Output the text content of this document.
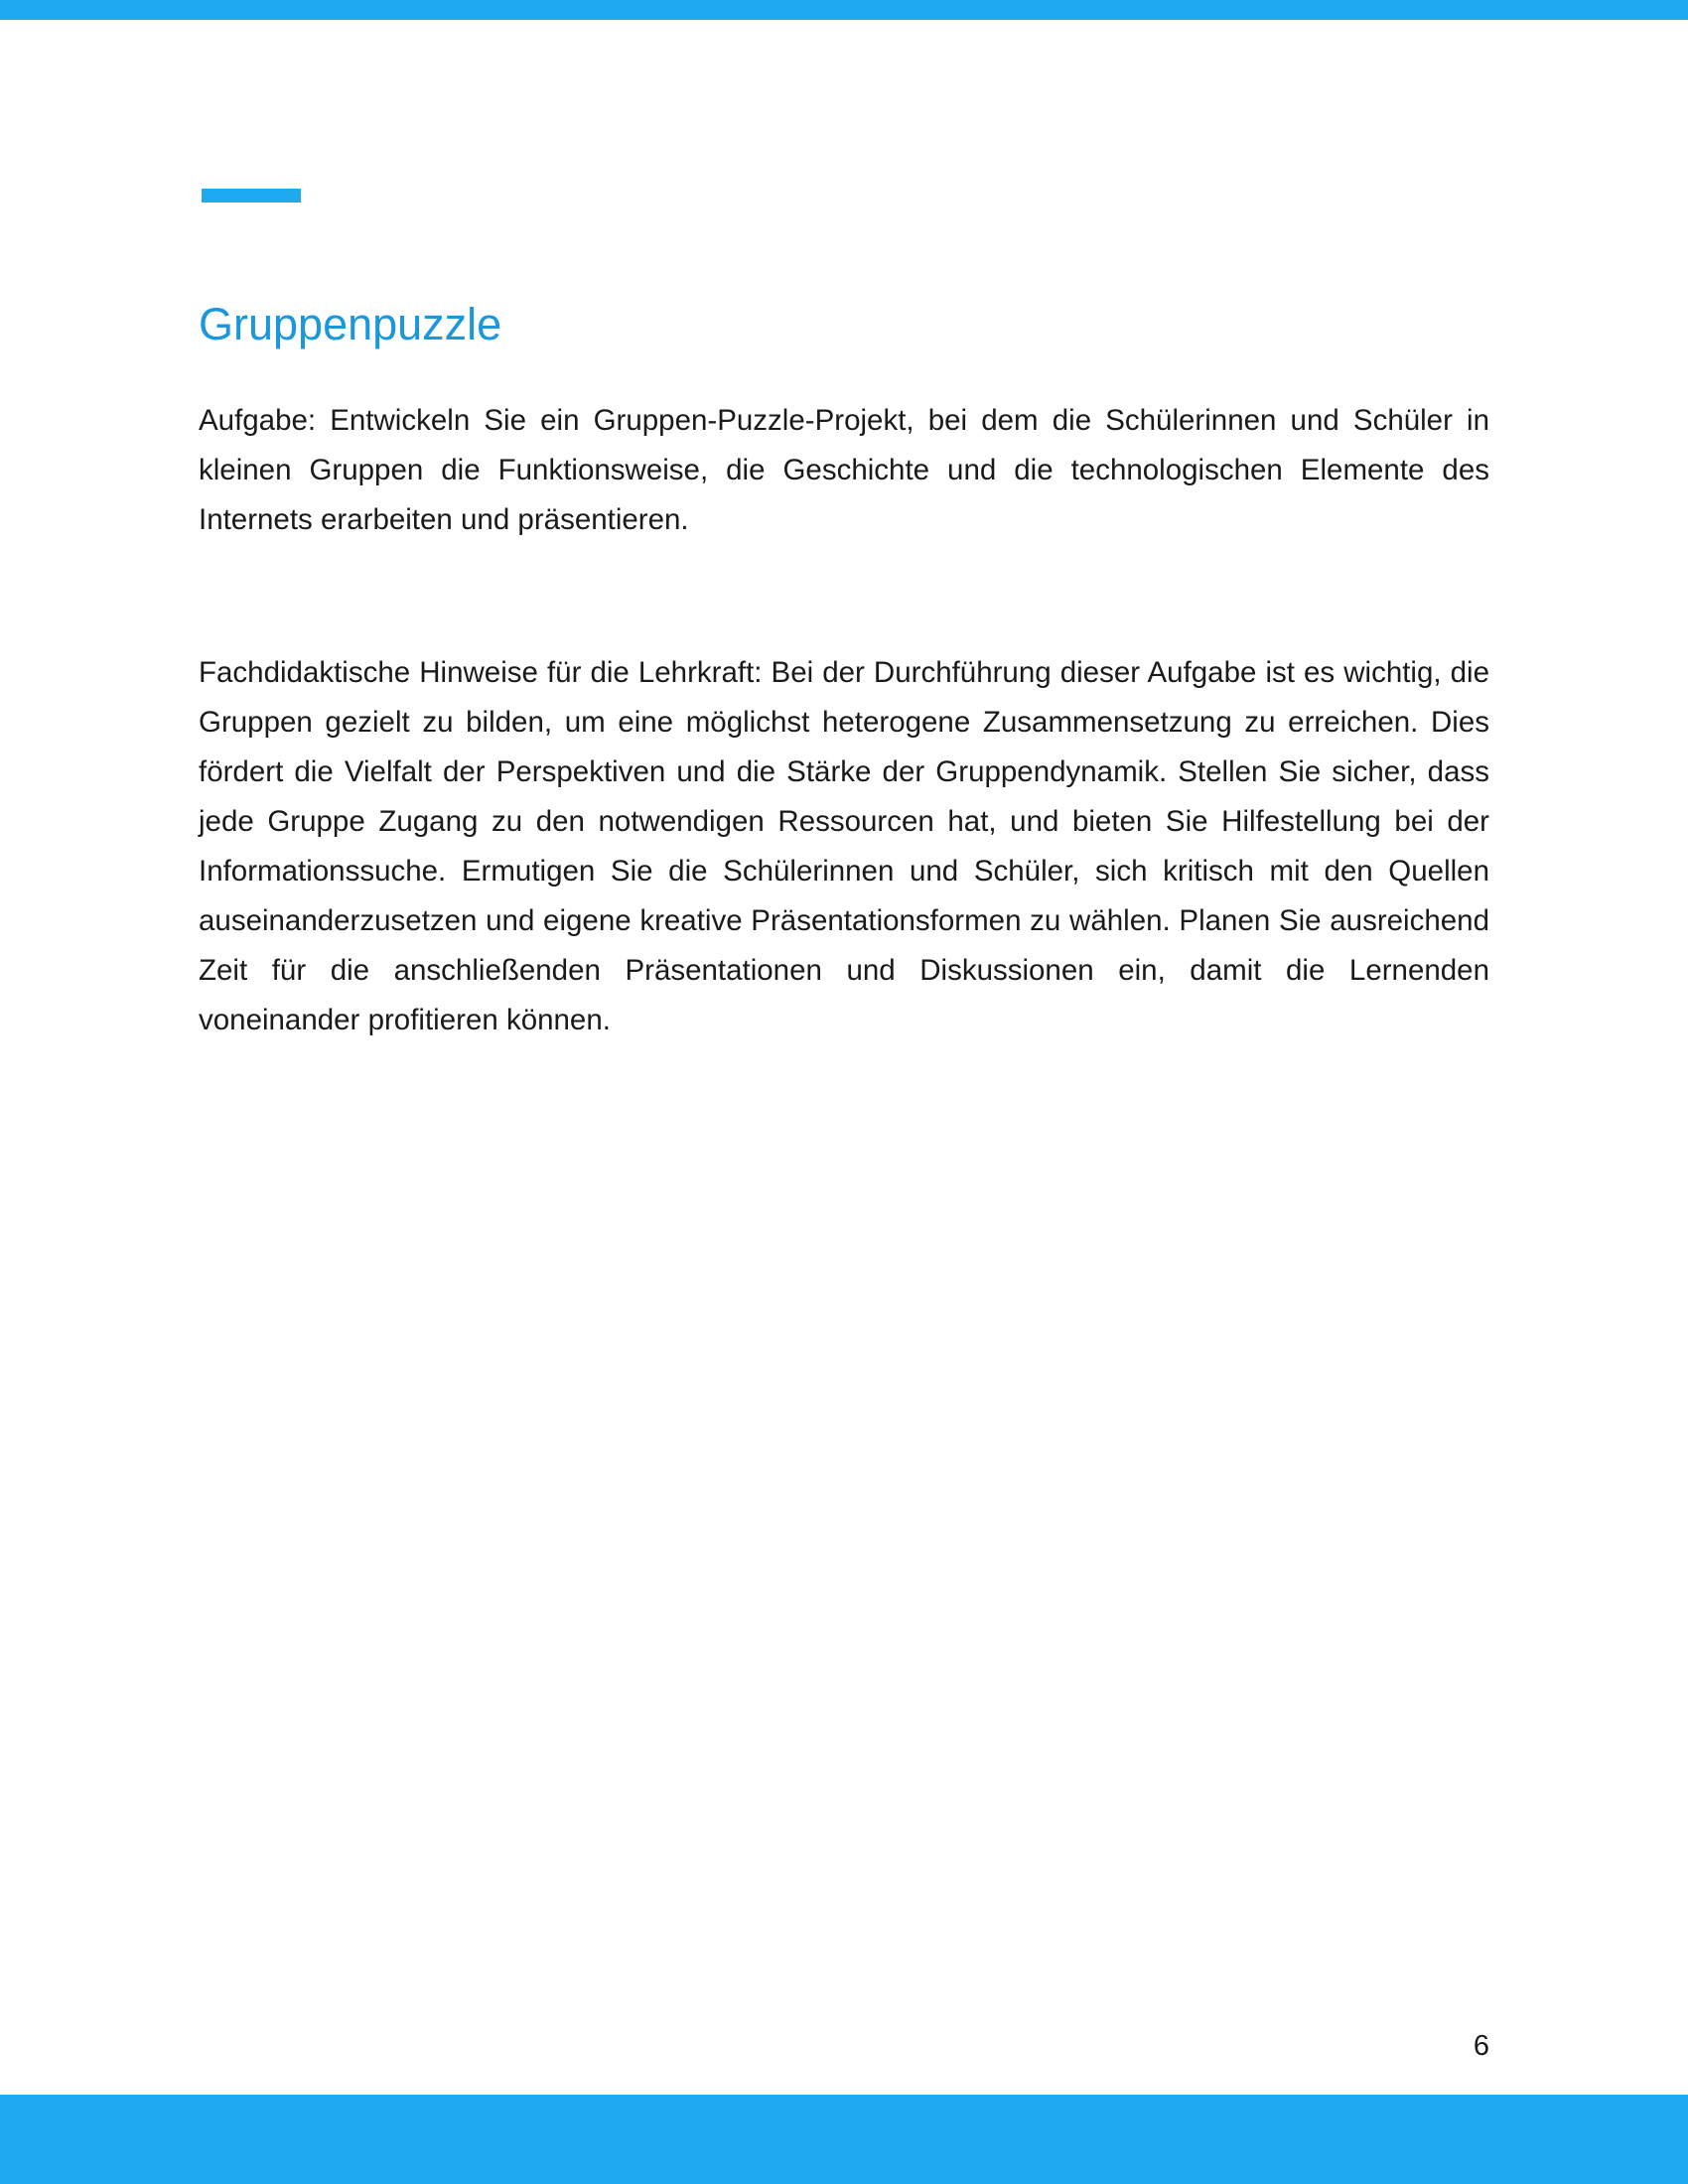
Gruppenpuzzle

Aufgabe: Entwickeln Sie ein Gruppen-Puzzle-Projekt, bei dem die Schülerinnen und Schüler in kleinen Gruppen die Funktionsweise, die Geschichte und die technologischen Elemente des Internets erarbeiten und präsentieren.

Fachdidaktische Hinweise für die Lehrkraft: Bei der Durchführung dieser Aufgabe ist es wichtig, die Gruppen gezielt zu bilden, um eine möglichst heterogene Zusammensetzung zu erreichen. Dies fördert die Vielfalt der Perspektiven und die Stärke der Gruppendynamik. Stellen Sie sicher, dass jede Gruppe Zugang zu den notwendigen Ressourcen hat, und bieten Sie Hilfestellung bei der Informationssuche. Ermutigen Sie die Schülerinnen und Schüler, sich kritisch mit den Quellen auseinanderzusetzen und eigene kreative Präsentationsformen zu wählen. Planen Sie ausreichend Zeit für die anschließenden Präsentationen und Diskussionen ein, damit die Lernenden voneinander profitieren können.

6
